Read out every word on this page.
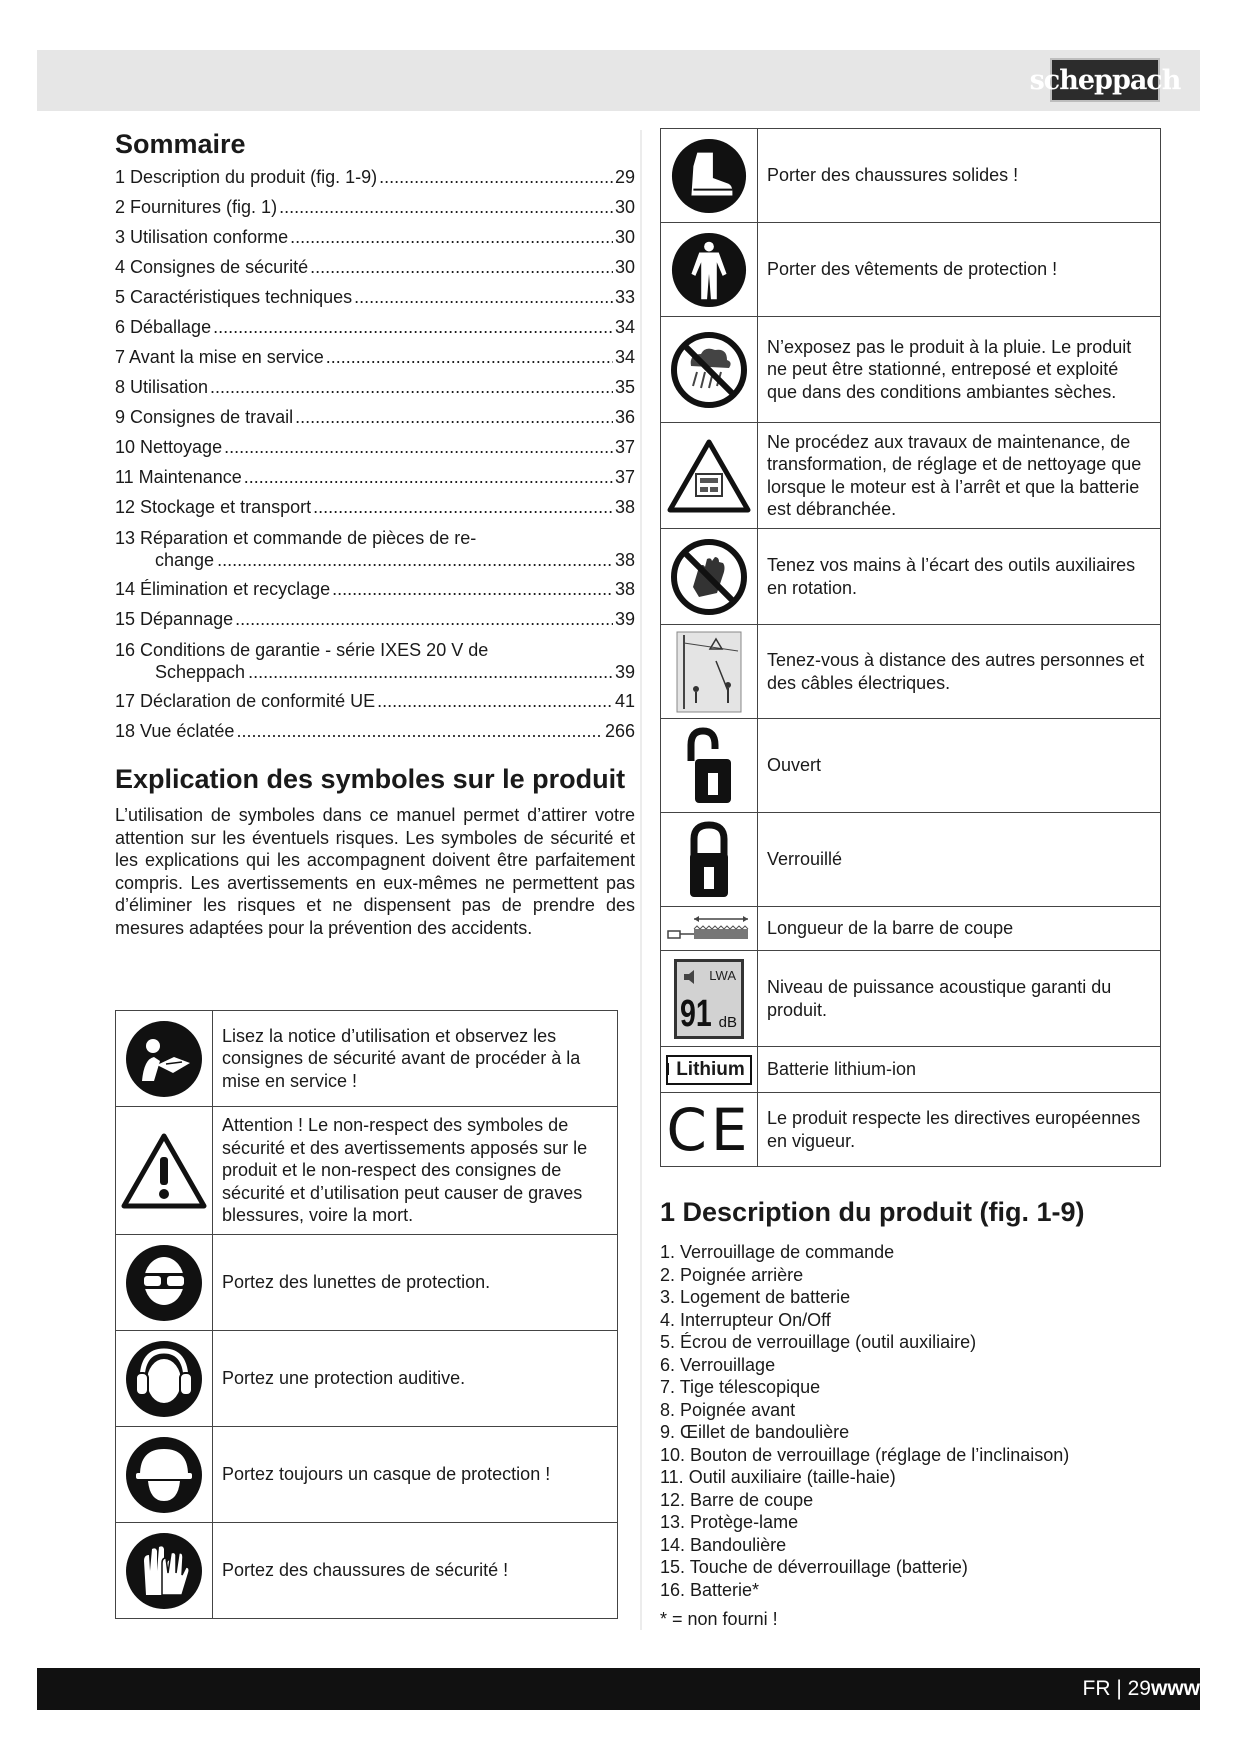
scheppach
Sommaire
1 Description du produit (fig. 1-9) .....	29
2 Fournitures (fig. 1) .....	30
3 Utilisation conforme .....	30
4 Consignes de sécurité .....	30
5 Caractéristiques techniques .....	33
6 Déballage .....	34
7 Avant la mise en service .....	34
8 Utilisation .....	35
9 Consignes de travail .....	36
10 Nettoyage .....	37
11 Maintenance .....	37
12 Stockage et transport .....	38
13 Réparation et commande de pièces de re-
change .....	38
14 Élimination et recyclage .....	38
15 Dépannage .....	39
16 Conditions de garantie - série IXES 20 V de
Scheppach .....	39
17 Déclaration de conformité UE .....	41
18 Vue éclatée .....	266
Explication des symboles sur le produit

L’utilisation de symboles dans ce manuel permet d’attirer votre attention sur les éventuels risques. Les symboles de sécurité et les explications qui les accompagnent doivent être parfaitement compris. Les avertissements en eux-mêmes ne permettent pas d’éliminer les risques et ne dispensent pas de prendre des mesures adaptées pour la prévention des accidents.

	Lisez la notice d’utilisation et observez les consignes de sécurité avant de procéder à la mise en service !

	Attention ! Le non-respect des symboles de sécurité et des avertissements apposés sur le produit et le non-respect des consignes de sécurité et d’utilisation peut causer de graves blessures, voire la mort.

	Portez des lunettes de protection.

	Portez une protection auditive.

	Portez toujours un casque de protection !

	Portez des chaussures de sécurité !
	Porter des chaussures solides !

	Porter des vêtements de protection !

	N’exposez pas le produit à la pluie. Le produit ne peut être stationné, entreposé et exploité que dans des conditions ambiantes sèches.

	Ne procédez aux travaux de maintenance, de transformation, de réglage et de nettoyage que lorsque le moteur est à l’arrêt et que la batterie est débranchée.

	Tenez vos mains à l’écart des outils auxiliaires en rotation.

	Tenez-vous à distance des autres personnes et des câbles électriques.

	Ouvert

	Verrouillé

	Longueur de la barre de coupe

LWA
91 dB	Niveau de puissance acoustique garanti du produit.

Lithium	Batterie lithium-ion

CE	Le produit respecte les directives européennes en vigueur.
1 Description du produit (fig. 1-9)
1. Verrouillage de commande
2. Poignée arrière
3. Logement de batterie
4. Interrupteur On/Off
5. Écrou de verrouillage (outil auxiliaire)
6. Verrouillage
7. Tige télescopique
8. Poignée avant
9. Œillet de bandoulière
10. Bouton de verrouillage (réglage de l’inclinaison)
11. Outil auxiliaire (taille-haie)
12. Barre de coupe
13. Protège-lame
14. Bandoulière
15. Touche de déverrouillage (batterie)
16. Batterie*
* = non fourni !
FR | 29www
